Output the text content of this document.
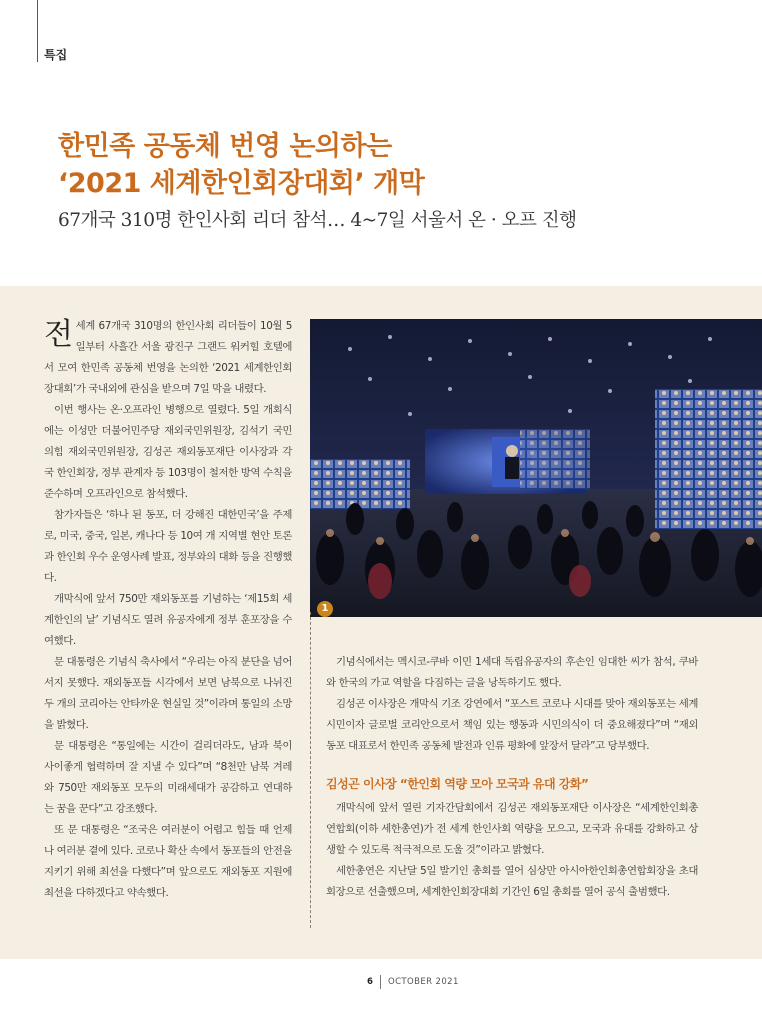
특집
한민족 공동체 번영 논의하는
‘2021 세계한인회장대회’ 개막
67개국 310명 한인사회 리더 참석… 4~7일 서울서 온 · 오프 진행

전세계 67개국 310명의 한인사회 리더들이 10월 5일부터 사흘간 서울 광진구 그랜드 워커힐 호텔에서 모여 한민족 공동체 번영을 논의한 ‘2021 세계한인회장대회’가 국내외에 관심을 받으며 7일 막을 내렸다.

이번 행사는 온·오프라인 병행으로 열렸다. 5일 개회식에는 이성만 더불어민주당 재외국민위원장, 김석기 국민의힘 재외국민위원장, 김성곤 재외동포재단 이사장과 각국 한인회장, 정부 관계자 등 103명이 철저한 방역 수칙을 준수하며 오프라인으로 참석했다.

참가자들은 ‘하나 된 동포, 더 강해진 대한민국’을 주제로, 미국, 중국, 일본, 캐나다 등 10여 개 지역별 현안 토론과 한인회 우수 운영사례 발표, 정부와의 대화 등을 진행했다.

개막식에 앞서 750만 재외동포를 기념하는 ‘제15회 세계한인의 날’ 기념식도 열려 유공자에게 정부 훈포장을 수여했다.

문 대통령은 기념식 축사에서 “우리는 아직 분단을 넘어서지 못했다. 재외동포들 시각에서 보면 남북으로 나뉘진 두 개의 코리아는 안타까운 현실일 것”이라며 통일의 소망을 밝혔다.

문 대통령은 “통일에는 시간이 걸리더라도, 남과 북이 사이좋게 협력하며 잘 지낼 수 있다”며 “8천만 남북 겨레와 750만 재외동포 모두의 미래세대가 공감하고 연대하는 꿈을 꾼다”고 강조했다.

또 문 대통령은 “조국은 여러분이 어렵고 힘들 때 언제나 여러분 곁에 있다. 코로나 확산 속에서 동포들의 안전을 지키기 위해 최선을 다했다”며 앞으로도 재외동포 지원에 최선을 다하겠다고 약속했다.

1

기념식에서는 멕시코-쿠바 이민 1세대 독립유공자의 후손인 임대한 씨가 참석, 쿠바와 한국의 가교 역할을 다짐하는 글을 낭독하기도 했다.

김성곤 이사장은 개막식 기조 강연에서 “포스트 코로나 시대를 맞아 재외동포는 세계 시민이자 글로벌 코리안으로서 책임 있는 행동과 시민의식이 더 중요해졌다”며 “재외동포 대표로서 한민족 공동체 발전과 인류 평화에 앞장서 달라”고 당부했다.

김성곤 이사장 “한인회 역량 모아 모국과 유대 강화”

개막식에 앞서 열린 기자간담회에서 김성곤 재외동포재단 이사장은 “세계한인회총연합회(이하 세한총연)가 전 세계 한인사회 역량을 모으고, 모국과 유대를 강화하고 상생할 수 있도록 적극적으로 도울 것”이라고 밝혔다.

세한총연은 지난달 5일 발기인 총회를 열어 심상만 아시아한인회총연합회장을 초대 회장으로 선출했으며, 세계한인회장대회 기간인 6일 총회를 열어 공식 출범했다.

6 OCTOBER 2021
